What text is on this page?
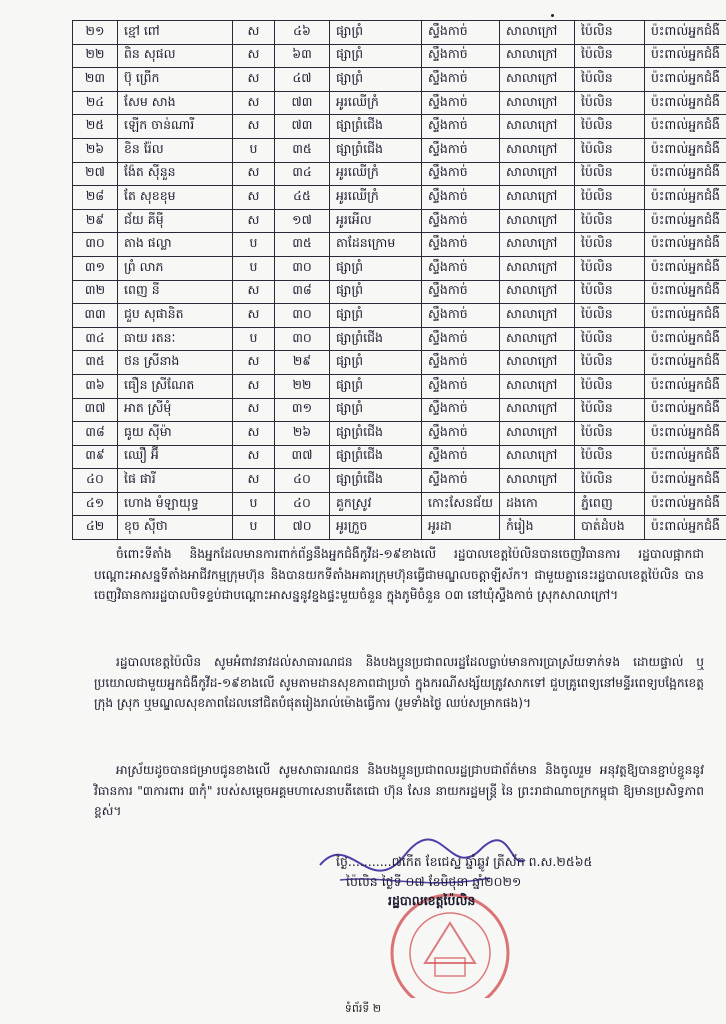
២១	ខ្មៅ ពៅ	ស	៤៦	ផ្សាព្រំ	ស្ទឹងកាច់	សាលាក្រៅ	ប៉ៃលិន	ប៉ះពាល់អ្នកជំងឺ
២២	ពិន សុផល	ស	៦៣	ផ្សាព្រំ	ស្ទឹងកាច់	សាលាក្រៅ	ប៉ៃលិន	ប៉ះពាល់អ្នកជំងឺ
២៣	ប៊ុ ព្រើក	ស	៤៧	ផ្សាព្រំ	ស្ទឹងកាច់	សាលាក្រៅ	ប៉ៃលិន	ប៉ះពាល់អ្នកជំងឺ
២៤	សែម សាង	ស	៧៣	អូរឈើក្រំ	ស្ទឹងកាច់	សាលាក្រៅ	ប៉ៃលិន	ប៉ះពាល់អ្នកជំងឺ
២៥	ឡើក ចាន់ណារី	ស	៧៣	ផ្សាព្រំជើង	ស្ទឹងកាច់	សាលាក្រៅ	ប៉ៃលិន	ប៉ះពាល់អ្នកជំងឺ
២៦	ខិន រ៉ែល	ប	៣៥	ផ្សាព្រំជើង	ស្ទឹងកាច់	សាលាក្រៅ	ប៉ៃលិន	ប៉ះពាល់អ្នកជំងឺ
២៧	ង៉ែត ស៊ីនួន	ស	៣៤	អូរឈើក្រំ	ស្ទឹងកាច់	សាលាក្រៅ	ប៉ៃលិន	ប៉ះពាល់អ្នកជំងឺ
២៨	តែ សុខខុម	ស	៤៥	អូរឈើក្រំ	ស្ទឹងកាច់	សាលាក្រៅ	ប៉ៃលិន	ប៉ះពាល់អ្នកជំងឺ
២៩	ជ័យ គីម៉ី	ស	១៧	អូរអើល	ស្ទឹងកាច់	សាលាក្រៅ	ប៉ៃលិន	ប៉ះពាល់អ្នកជំងឺ
៣០	តាង ផល្លា	ប	៣៥	តាដែនក្រោម	ស្ទឹងកាច់	សាលាក្រៅ	ប៉ៃលិន	ប៉ះពាល់អ្នកជំងឺ
៣១	ព្រំ លាភ	ប	៣០	ផ្សាព្រំ	ស្ទឹងកាច់	សាលាក្រៅ	ប៉ៃលិន	ប៉ះពាល់អ្នកជំងឺ
៣២	ពេញ នី	ស	៣៨	ផ្សាព្រំ	ស្ទឹងកាច់	សាលាក្រៅ	ប៉ៃលិន	ប៉ះពាល់អ្នកជំងឺ
៣៣	ជួប សុផានិត	ស	៣០	ផ្សាព្រំ	ស្ទឹងកាច់	សាលាក្រៅ	ប៉ៃលិន	ប៉ះពាល់អ្នកជំងឺ
៣៤	ធាយ រតនៈ	ប	៣០	ផ្សាព្រំជើង	ស្ទឹងកាច់	សាលាក្រៅ	ប៉ៃលិន	ប៉ះពាល់អ្នកជំងឺ
៣៥	ថន ស្រីនាង	ស	២៩	ផ្សាព្រំ	ស្ទឹងកាច់	សាលាក្រៅ	ប៉ៃលិន	ប៉ះពាល់អ្នកជំងឺ
៣៦	ធឿន ស្រីណែត	ស	២២	ផ្សាព្រំ	ស្ទឹងកាច់	សាលាក្រៅ	ប៉ៃលិន	ប៉ះពាល់អ្នកជំងឺ
៣៧	អាត ស្រីមុំ	ស	៣១	ផ្សាព្រំ	ស្ទឹងកាច់	សាលាក្រៅ	ប៉ៃលិន	ប៉ះពាល់អ្នកជំងឺ
៣៨	ធូយ ស៊ីម៉ា	ស	២៦	ផ្សាព្រំជើង	ស្ទឹងកាច់	សាលាក្រៅ	ប៉ៃលិន	ប៉ះពាល់អ្នកជំងឺ
៣៩	ឈឿ អ៊ី	ស	៣៧	ផ្សាព្រំជើង	ស្ទឹងកាច់	សាលាក្រៅ	ប៉ៃលិន	ប៉ះពាល់អ្នកជំងឺ
៤០	ផៃ ផារី	ស	៤០	ផ្សាព្រំជើង	ស្ទឹងកាច់	សាលាក្រៅ	ប៉ៃលិន	ប៉ះពាល់អ្នកជំងឺ
៤១	ហោង មំឡាយុទ្ធ	ប	៤០	គួកស្រូវ	កោះសែនជ័យ	ដងកោ	ភ្នំពេញ	ប៉ះពាល់អ្នកជំងឺ
៤២	ខុច ស៊ីថា	ប	៧០	អូរក្រួច	អូរដា	កំរៀង	បាត់ដំបង	ប៉ះពាល់អ្នកជំងឺ

ចំពោះទីតាំង និងអ្នកដែលមានការពាក់ព័ន្ធនឹងអ្នកជំងឺកូវីដ-១៩ខាងលើ រដ្ឋបាលខេត្តប៉ៃលិនបានចេញវិធានការ រដ្ឋបាលផ្អាកជាបណ្ដោះអាសន្នទីតាំងអាជីវកម្មក្រុមហ៊ុន និងបានយកទីតាំងអគារក្រុមហ៊ុនធ្វើជាមណ្ឌលចត្តាឡីស័ក។ ជាមួយគ្នានេះរដ្ឋបាលខេត្តប៉ៃលិន បានចេញវិធានការរដ្ឋបាលបិទខ្ទប់ជាបណ្ដោះអាសន្ននូវខ្នងផ្ទះមួយចំនួន ក្នុងភូមិចំនួន ០៣ នៅឃុំស្ទឹងកាច់ ស្រុកសាលាក្រៅ។

រដ្ឋបាលខេត្តប៉ៃលិន សូមអំពាវនាវដល់សាធារណជន និងបងប្អូនប្រជាពលរដ្ឋដែលធ្លាប់មានការប្រាស្រ័យទាក់ទង ដោយផ្ទាល់ ឬប្រយោលជាមួយអ្នកជំងឺកូវីដ-១៩ខាងលើ សូមតាមដានសុខភាពជាប្រចាំ ក្នុងករណីសង្ស័យត្រូវសាកទៅ ជួបគ្រូពេទ្យនៅមន្ទីរពេទ្យបង្អែកខេត្ត ក្រុង ស្រុក ឬមណ្ឌលសុខភាពដែលនៅជិតបំផុតរៀងរាល់ម៉ោងធ្វើការ (រួមទាំងថ្ងៃ ឈប់សម្រាកផង)។

អាស្រ័យដូចបានជម្រាបជូនខាងលើ សូមសាធារណជន និងបងប្អូនប្រជាពលរដ្ឋជ្រាបជាព័ត៌មាន និងចូលរួម អនុវត្តឱ្យបានខ្ជាប់ខ្ជួននូវវិធានការ "៣ការពារ ៣កុំ" របស់សម្ដេចអគ្គមហាសេនាបតីតេជោ ហ៊ុន សែន នាយករដ្ឋមន្ត្រី នៃ ព្រះរាជាណាចក្រកម្ពុជា ឱ្យមានប្រសិទ្ធភាពខ្ពស់។

ថ្ងៃ...........៧កើត ខែជេស្ឋ ឆ្នាំឆ្លូវ ត្រីស័ក ព.ស.២៥៦៥
ប៉ៃលិន ថ្ងៃទី ០៧ ខែមិថុនា ឆ្នាំ២០២១
រដ្ឋបាលខេត្តប៉ៃលិន
ទំព័រទី ២
